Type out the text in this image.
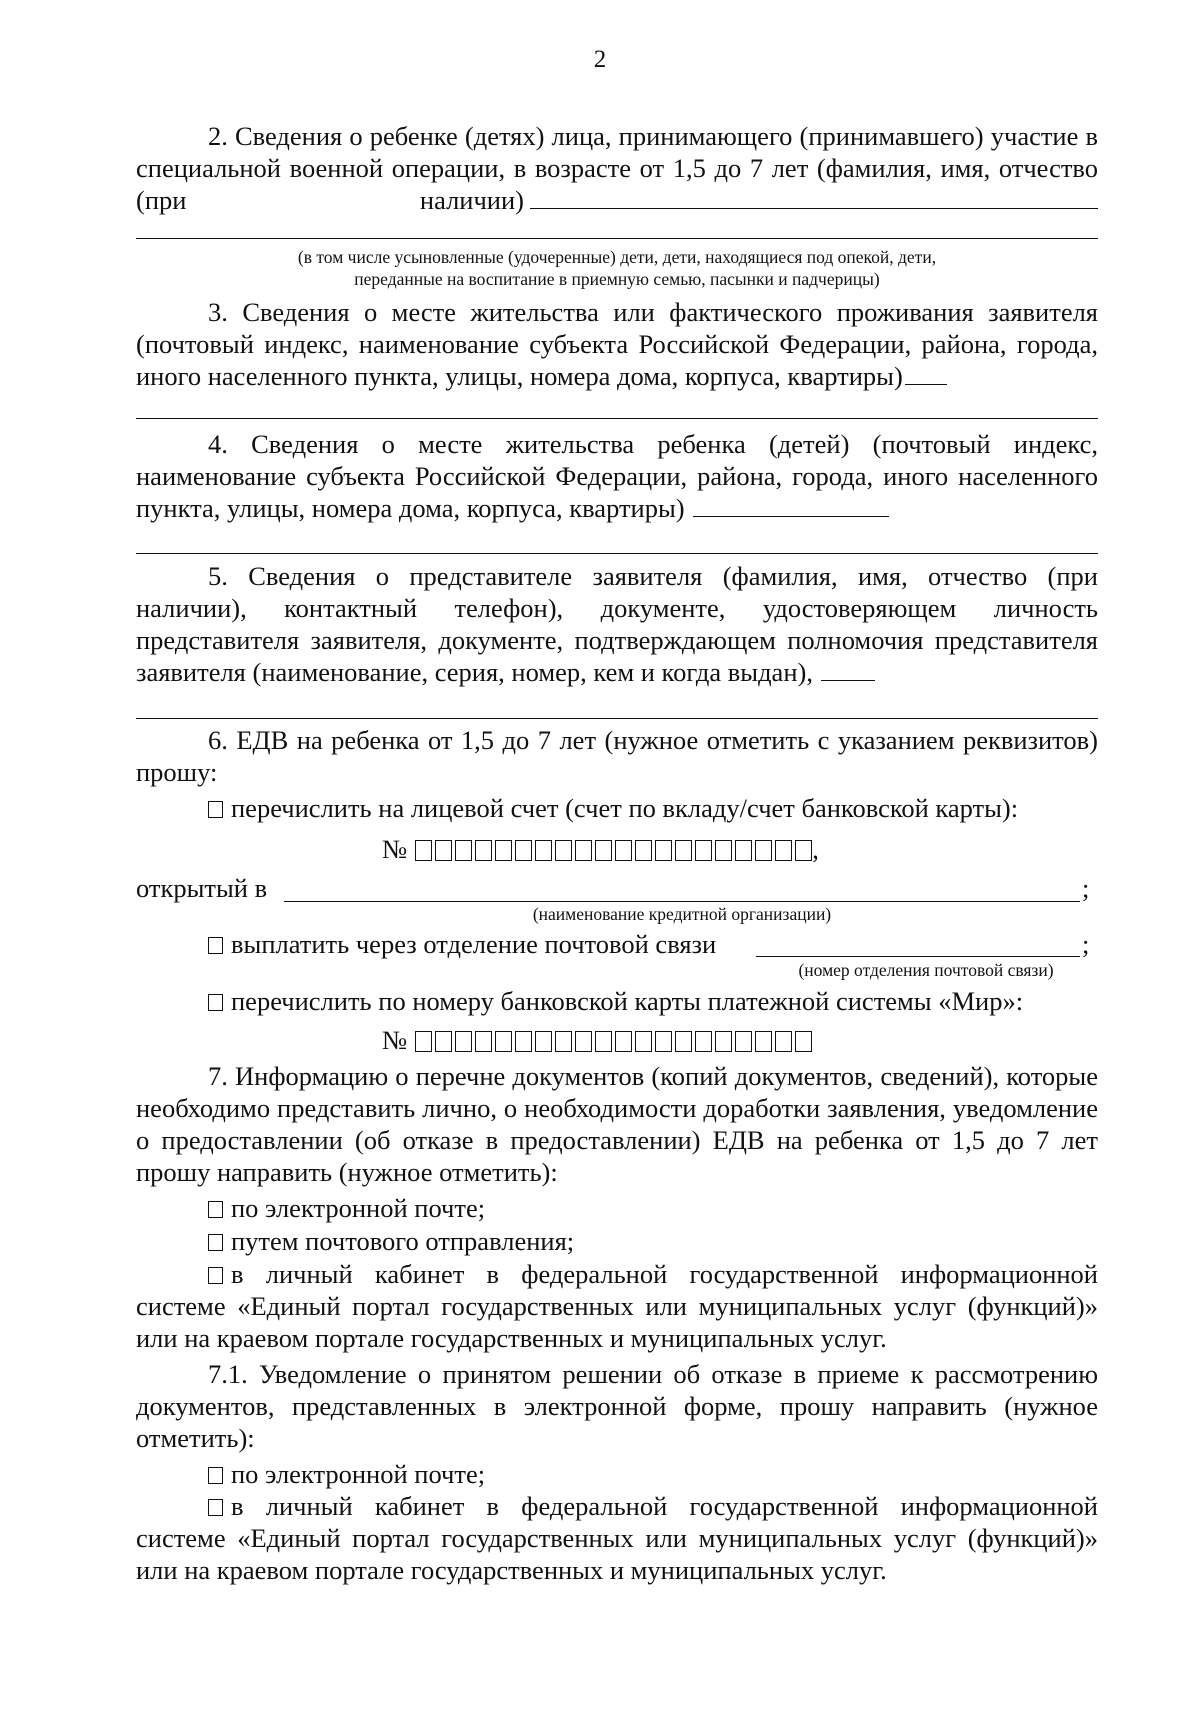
2
2. Сведения о ребенке (детях) лица, принимающего (принимавшего) участие в специальной военной операции, в возрасте от 1,5 до 7 лет (фамилия, имя, отчество (при наличии)
(в том числе усыновленные (удочеренные) дети, дети, находящиеся под опекой, дети,
переданные на воспитание в приемную семью, пасынки и падчерицы)
3. Сведения о месте жительства или фактического проживания заявителя (почтовый индекс, наименование субъекта Российской Федерации, района, города, иного населенного пункта, улицы, номера дома, корпуса, квартиры)
4. Сведения о месте жительства ребенка (детей) (почтовый индекс, наименование субъекта Российской Федерации, района, города, иного населенного пункта, улицы, номера дома, корпуса, квартиры)
5. Сведения о представителе заявителя (фамилия, имя, отчество (при наличии), контактный телефон), документе, удостоверяющем личность представителя заявителя, документе, подтверждающем полномочия представителя заявителя (наименование, серия, номер, кем и когда выдан),
6. ЕДВ на ребенка от 1,5 до 7 лет (нужное отметить с указанием реквизитов) прошу:
перечислить на лицевой счет (счет по вкладу/счет банковской карты):
№	,
открытый в	;
(наименование кредитной организации)
выплатить через отделение почтовой связи	;
(номер отделения почтовой связи)
перечислить по номеру банковской карты платежной системы «Мир»:
№
7. Информацию о перечне документов (копий документов, сведений), которые необходимо представить лично, о необходимости доработки заявления, уведомление о предоставлении (об отказе в предоставлении) ЕДВ на ребенка от 1,5 до 7 лет прошу направить (нужное отметить):
по электронной почте;
путем почтового отправления;
в личный кабинет в федеральной государственной информационной системе «Единый портал государственных или муниципальных услуг (функций)» или на краевом портале государственных и муниципальных услуг.
7.1. Уведомление о принятом решении об отказе в приеме к рассмотрению документов, представленных в электронной форме, прошу направить (нужное отметить):
по электронной почте;
в личный кабинет в федеральной государственной информационной системе «Единый портал государственных или муниципальных услуг (функций)» или на краевом портале государственных и муниципальных услуг.
